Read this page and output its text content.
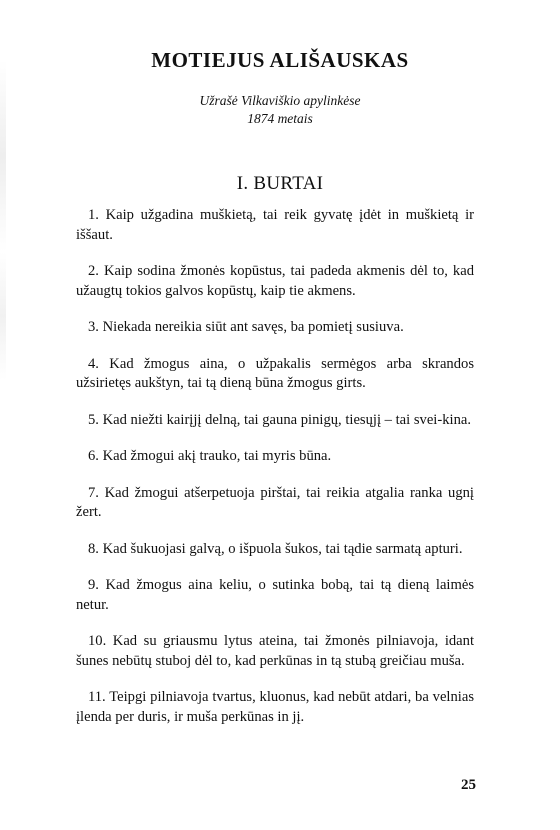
MOTIEJUS ALIŠAUSKAS
Užrašė Vilkaviškio apylinkėse
1874 metais
I. BURTAI
1. Kaip užgadina muškietą, tai reik gyvatę įdėt in muškietą ir iššaut.
2. Kaip sodina žmonės kopūstus, tai padeda akmenis dėl to, kad užaugtų tokios galvos kopūstų, kaip tie akmens.
3. Niekada nereikia siūt ant savęs, ba pomietį susiuva.
4. Kad žmogus aina, o užpakalis sermėgos arba skrandos užsirietęs aukštyn, tai tą dieną būna žmogus girts.
5. Kad niežti kairįjį delną, tai gauna pinigų, tiesųjį – tai svei-kina.
6. Kad žmogui akį trauko, tai myris būna.
7. Kad žmogui atšerpetuoja pirštai, tai reikia atgalia ranka ugnį žert.
8. Kad šukuojasi galvą, o išpuola šukos, tai tądie sarmatą apturi.
9. Kad žmogus aina keliu, o sutinka bobą, tai tą dieną laimės netur.
10. Kad su griausmu lytus ateina, tai žmonės pilniavoja, idant šunes nebūtų stuboj dėl to, kad perkūnas in tą stubą greičiau muša.
11. Teipgi pilniavoja tvartus, kluonus, kad nebūt atdari, ba velnias įlenda per duris, ir muša perkūnas in jį.
25
